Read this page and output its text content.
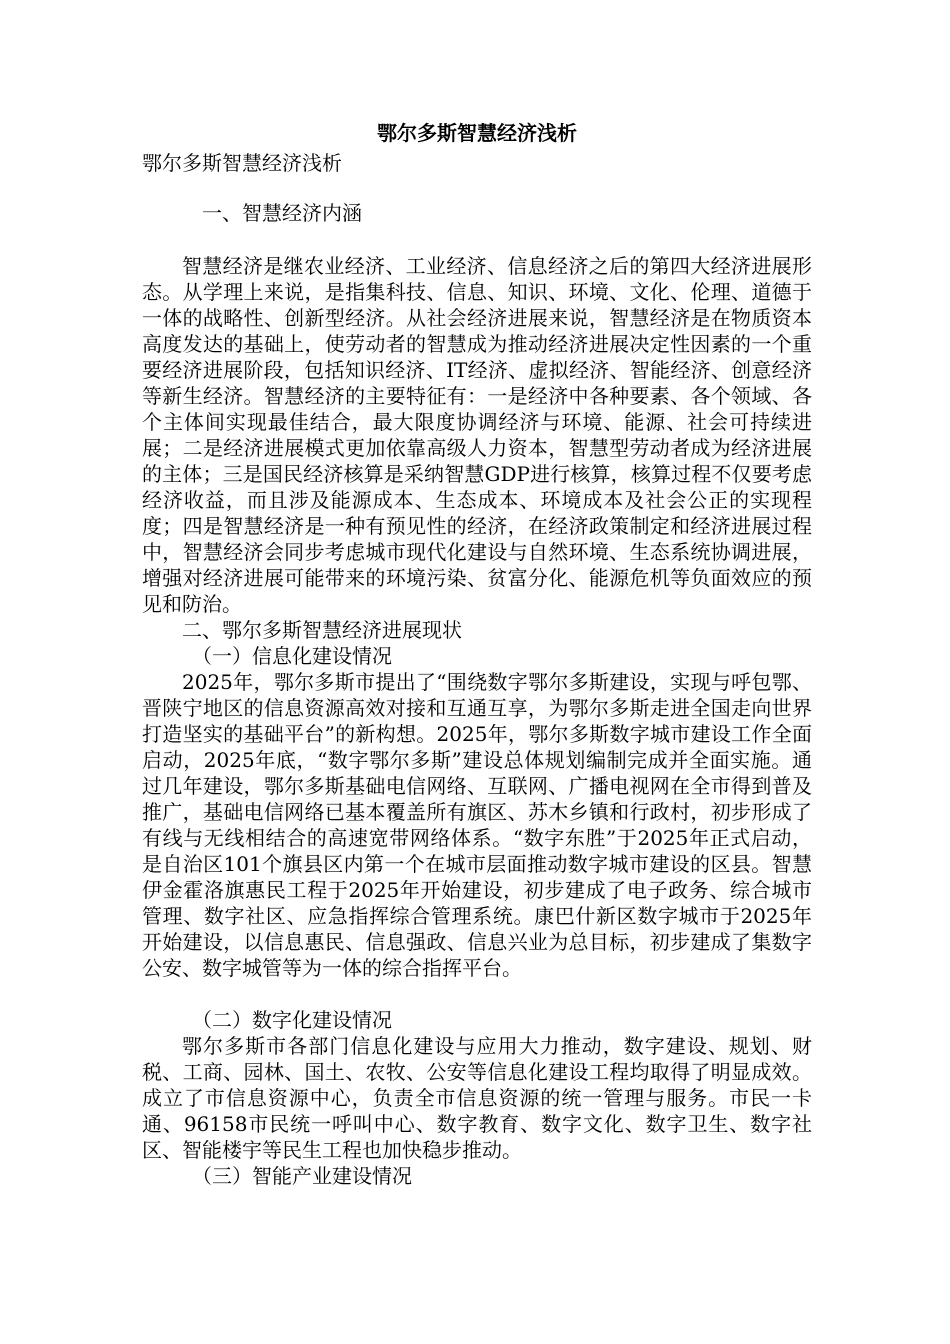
鄂尔多斯智慧经济浅析

鄂尔多斯智慧经济浅析

一、智慧经济内涵

智慧经济是继农业经济、工业经济、信息经济之后的第四大经济进展形态。从学理上来说，是指集科技、信息、知识、环境、文化、伦理、道德于一体的战略性、创新型经济。从社会经济进展来说，智慧经济是在物质资本高度发达的基础上，使劳动者的智慧成为推动经济进展决定性因素的一个重要经济进展阶段，包括知识经济、IT经济、虚拟经济、智能经济、创意经济等新生经济。智慧经济的主要特征有：一是经济中各种要素、各个领域、各个主体间实现最佳结合，最大限度协调经济与环境、能源、社会可持续进展；二是经济进展模式更加依靠高级人力资本，智慧型劳动者成为经济进展的主体；三是国民经济核算是采纳智慧GDP进行核算，核算过程不仅要考虑经济收益，而且涉及能源成本、生态成本、环境成本及社会公正的实现程度；四是智慧经济是一种有预见性的经济，在经济政策制定和经济进展过程中，智慧经济会同步考虑城市现代化建设与自然环境、生态系统协调进展，增强对经济进展可能带来的环境污染、贫富分化、能源危机等负面效应的预见和防治。

二、鄂尔多斯智慧经济进展现状

（一）信息化建设情况

2025年，鄂尔多斯市提出了“围绕数字鄂尔多斯建设，实现与呼包鄂、晋陕宁地区的信息资源高效对接和互通互享，为鄂尔多斯走进全国走向世界打造坚实的基础平台”的新构想。2025年，鄂尔多斯数字城市建设工作全面启动，2025年底，“数字鄂尔多斯”建设总体规划编制完成并全面实施。通过几年建设，鄂尔多斯基础电信网络、互联网、广播电视网在全市得到普及推广，基础电信网络已基本覆盖所有旗区、苏木乡镇和行政村，初步形成了有线与无线相结合的高速宽带网络体系。“数字东胜”于2025年正式启动，是自治区101个旗县区内第一个在城市层面推动数字城市建设的区县。智慧伊金霍洛旗惠民工程于2025年开始建设，初步建成了电子政务、综合城市管理、数字社区、应急指挥综合管理系统。康巴什新区数字城市于2025年开始建设，以信息惠民、信息强政、信息兴业为总目标，初步建成了集数字公安、数字城管等为一体的综合指挥平台。

（二）数字化建设情况

鄂尔多斯市各部门信息化建设与应用大力推动，数字建设、规划、财税、工商、园林、国土、农牧、公安等信息化建设工程均取得了明显成效。成立了市信息资源中心，负责全市信息资源的统一管理与服务。市民一卡通、96158市民统一呼叫中心、数字教育、数字文化、数字卫生、数字社区、智能楼宇等民生工程也加快稳步推动。

（三）智能产业建设情况
